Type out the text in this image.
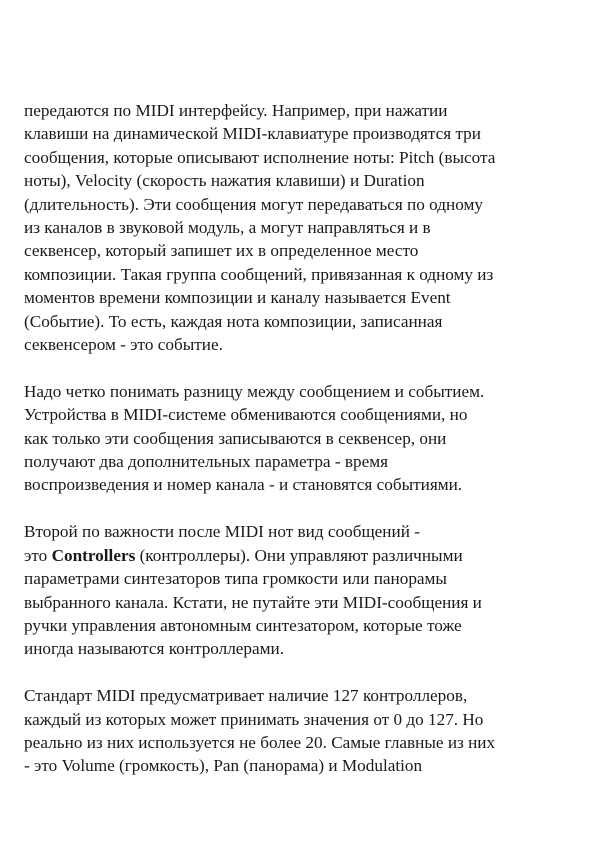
передаются по MIDI интерфейсу. Например, при нажатии
клавиши на динамической MIDI-клавиатуре производятся три
сообщения, которые описывают исполнение ноты: Pitch (высота
ноты), Velocity (скорость нажатия клавиши) и Duration
(длительность). Эти сообщения могут передаваться по одному
из каналов в звуковой модуль, а могут направляться и в
секвенсер, который запишет их в определенное место
композиции. Такая группа сообщений, привязанная к одному из
моментов времени композиции и каналу называется Event
(Событие). То есть, каждая нота композиции, записанная
секвенсером - это событие.

Надо четко понимать разницу между сообщением и событием.
Устройства в MIDI-системе обмениваются сообщениями, но
как только эти сообщения записываются в секвенсер, они
получают два дополнительных параметра - время
воспроизведения и номер канала - и становятся событиями.

Второй по важности после MIDI нот вид сообщений -
это Controllers (контроллеры). Они управляют различными
параметрами синтезаторов типа громкости или панорамы
выбранного канала. Кстати, не путайте эти MIDI-сообщения и
ручки управления автономным синтезатором, которые тоже
иногда называются контроллерами.

Стандарт MIDI предусматривает наличие 127 контроллеров,
каждый из которых может принимать значения от 0 до 127. Но
реально из них используется не более 20. Самые главные из них
- это Volume (громкость), Pan (панорама) и Modulation
